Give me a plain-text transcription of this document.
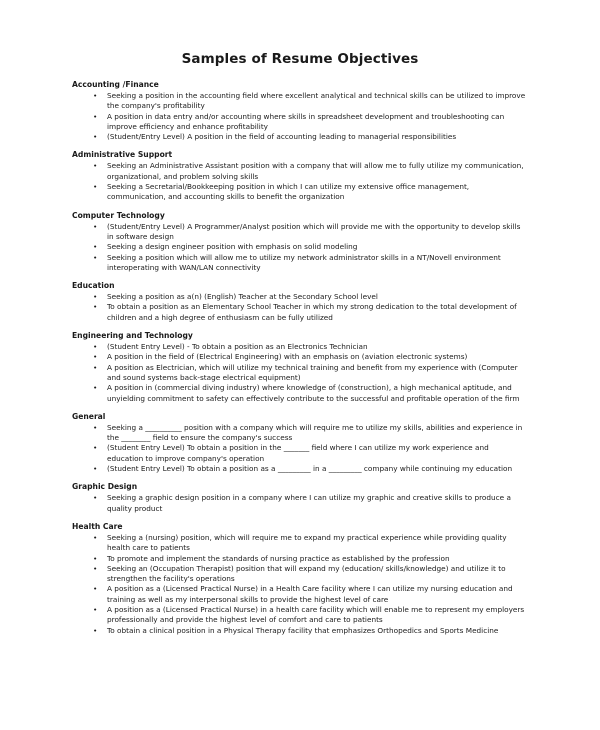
Samples of Resume Objectives
Accounting /Finance
• Seeking a position in the accounting field where excellent analytical and technical skills can be utilized to improve the company's profitability
• A position in data entry and/or accounting where skills in spreadsheet development and troubleshooting can improve efficiency and enhance profitability
• (Student/Entry Level) A position in the field of accounting leading to managerial responsibilities
Administrative Support
• Seeking an Administrative Assistant position with a company that will allow me to fully utilize my communication, organizational, and problem solving skills
• Seeking a Secretarial/Bookkeeping position in which I can utilize my extensive office management, communication, and accounting skills to benefit the organization
Computer Technology
• (Student/Entry Level) A Programmer/Analyst position which will provide me with the opportunity to develop skills in software design
• Seeking a design engineer position with emphasis on solid modeling
• Seeking a position which will allow me to utilize my network administrator skills in a NT/Novell environment interoperating with WAN/LAN connectivity
Education
• Seeking a position as a(n) (English) Teacher at the Secondary School level
• To obtain a position as an Elementary School Teacher in which my strong dedication to the total development of children and a high degree of enthusiasm can be fully utilized
Engineering and Technology
• (Student Entry Level) - To obtain a position as an Electronics Technician
• A position in the field of (Electrical Engineering) with an emphasis on (aviation electronic systems)
• A position as Electrician, which will utilize my technical training and benefit from my experience with (Computer and sound systems back-stage electrical equipment)
• A position in (commercial diving industry) where knowledge of (construction), a high mechanical aptitude, and unyielding commitment to safety can effectively contribute to the successful and profitable operation of the firm
General
• Seeking a __________ position with a company which will require me to utilize my skills, abilities and experience in the ________ field to ensure the company's success
• (Student Entry Level) To obtain a position in the _______ field where I can utilize my work experience and education to improve company's operation
• (Student Entry Level) To obtain a position as a _________ in a _________ company while continuing my education
Graphic Design
• Seeking a graphic design position in a company where I can utilize my graphic and creative skills to produce a quality product
Health Care
• Seeking a (nursing) position, which will require me to expand my practical experience while providing quality health care to patients
• To promote and implement the standards of nursing practice as established by the profession
• Seeking an (Occupation Therapist) position that will expand my (education/ skills/knowledge) and utilize it to strengthen the facility's operations
• A position as a (Licensed Practical Nurse) in a Health Care facility where I can utilize my nursing education and training as well as my interpersonal skills to provide the highest level of care
• A position as a (Licensed Practical Nurse) in a health care facility which will enable me to represent my employers professionally and provide the highest level of comfort and care to patients
• To obtain a clinical position in a Physical Therapy facility that emphasizes Orthopedics and Sports Medicine
